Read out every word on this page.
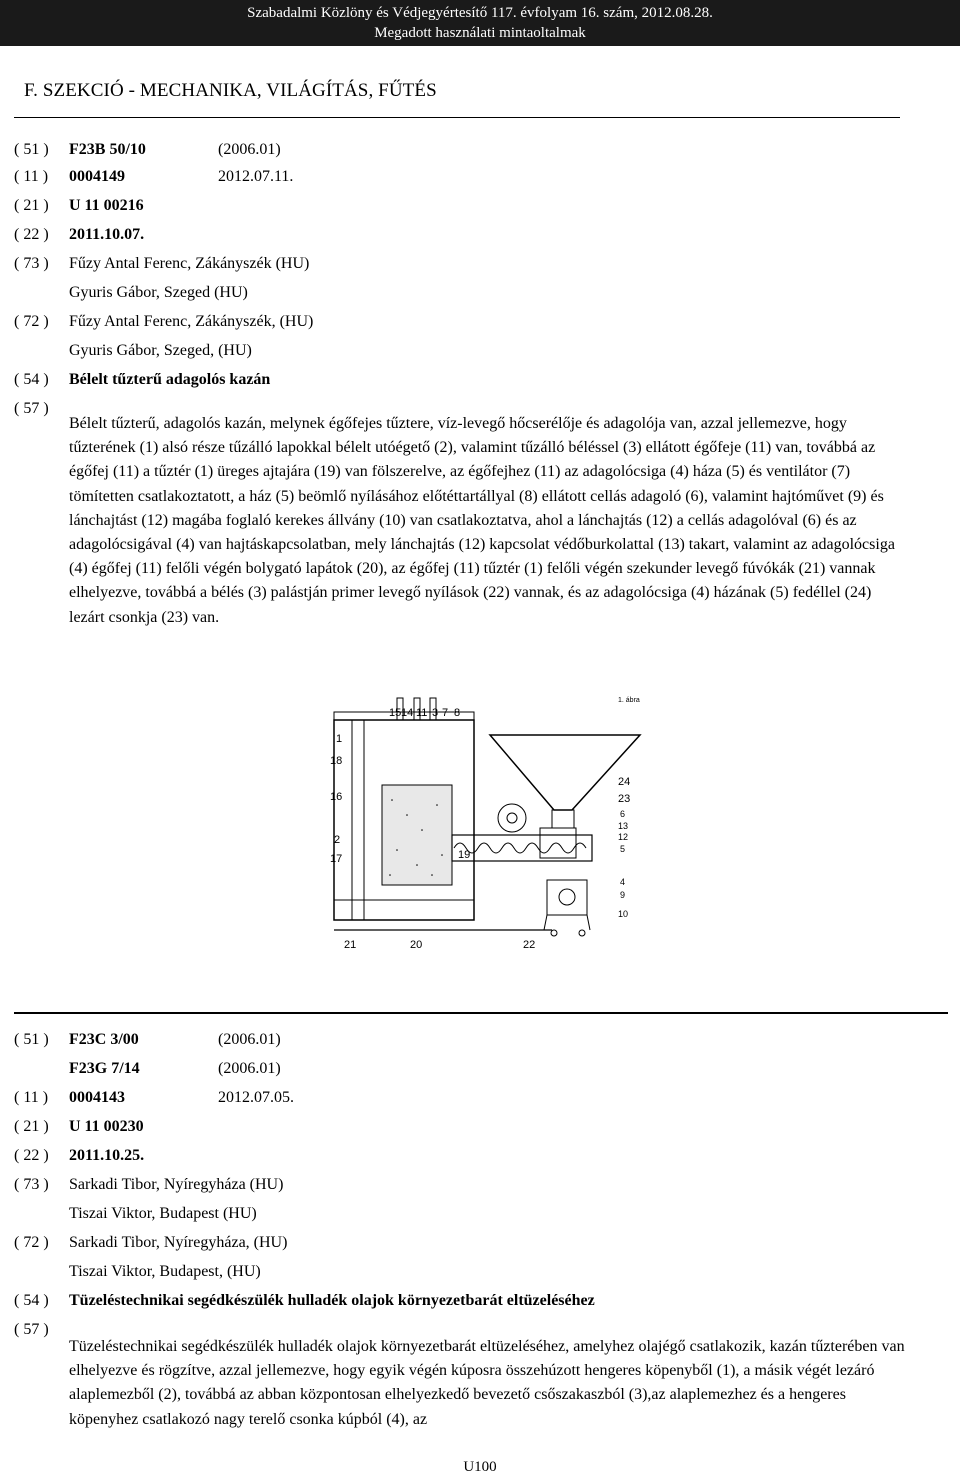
Szabadalmi Közlöny és Védjegyértesítő 117. évfolyam 16. szám, 2012.08.28.
Megadott használati mintaoltalmak
F. SZEKCIÓ - MECHANIKA, VILÁGÍTÁS, FŰTÉS
( 51 ) F23B 50/10	(2006.01)
( 11 ) 0004149	2012.07.11.
( 21 ) U 11 00216
( 22 ) 2011.10.07.
( 73 ) Fűzy Antal Ferenc, Zákányszék (HU)
Gyuris Gábor, Szeged (HU)
( 72 ) Fűzy Antal Ferenc, Zákányszék, (HU)
Gyuris Gábor, Szeged, (HU)
( 54 ) Bélelt tűzterű adagolós kazán
( 57 )
Bélelt tűzterű, adagolós kazán, melynek égőfejes tűztere, víz-levegő hőcserélője és adagolója van, azzal jellemezve, hogy tűzterének (1) alsó része tűzálló lapokkal bélelt utóégető (2), valamint tűzálló béléssel (3) ellátott égőfeje (11) van, továbbá az égőfej (11) a tűztér (1) üreges ajtajára (19) van fölszerelve, az égőfejhez (11) az adagolócsiga (4) háza (5) és ventilátor (7) tömítetten csatlakoztatott, a ház (5) beömlő nyílásához előtéttartállyal (8) ellátott cellás adagoló (6), valamint hajtóművet (9) és lánchajtást (12) magába foglaló kerekes állvány (10) van csatlakoztatva, ahol a lánchajtás (12) a cellás adagolóval (6) és az adagolócsigával (4) van hajtáskapcsolatban, mely lánchajtás (12) kapcsolat védőburkolattal (13) takart, valamint az adagolócsiga (4) égőfej (11) felőli végén bolygató lapátok (20), az égőfej (11) tűztér (1) felőli végén szekunder levegő fúvókák (21) vannak elhelyezve, továbbá a bélés (3) palástján primer levegő nyílások (22) vannak, és az adagolócsiga (4) házának (5) fedéllel (24) lezárt csonkja (23) van.
1. ábra
15 14 11 3 7 8
1
18
16
2
17	19
24
23
6
13
12
5
4
9
10
21	20	22
( 51 ) F23C 3/00	(2006.01)
F23G 7/14	(2006.01)
( 11 ) 0004143	2012.07.05.
( 21 ) U 11 00230
( 22 ) 2011.10.25.
( 73 ) Sarkadi Tibor, Nyíregyháza (HU)
Tiszai Viktor, Budapest (HU)
( 72 ) Sarkadi Tibor, Nyíregyháza, (HU)
Tiszai Viktor, Budapest, (HU)
( 54 ) Tüzeléstechnikai segédkészülék hulladék olajok környezetbarát eltüzeléséhez
( 57 )
Tüzeléstechnikai segédkészülék hulladék olajok környezetbarát eltüzeléséhez, amelyhez olajégő csatlakozik, kazán tűzterében van elhelyezve és rögzítve, azzal jellemezve, hogy egyik végén kúposra összehúzott hengeres köpenyből (1), a másik végét lezáró alaplemezből (2), továbbá az abban központosan elhelyezkedő bevezető csőszakaszból (3),az alaplemezhez és a hengeres köpenyhez csatlakozó nagy terelő csonka kúpból (4), az
U100
